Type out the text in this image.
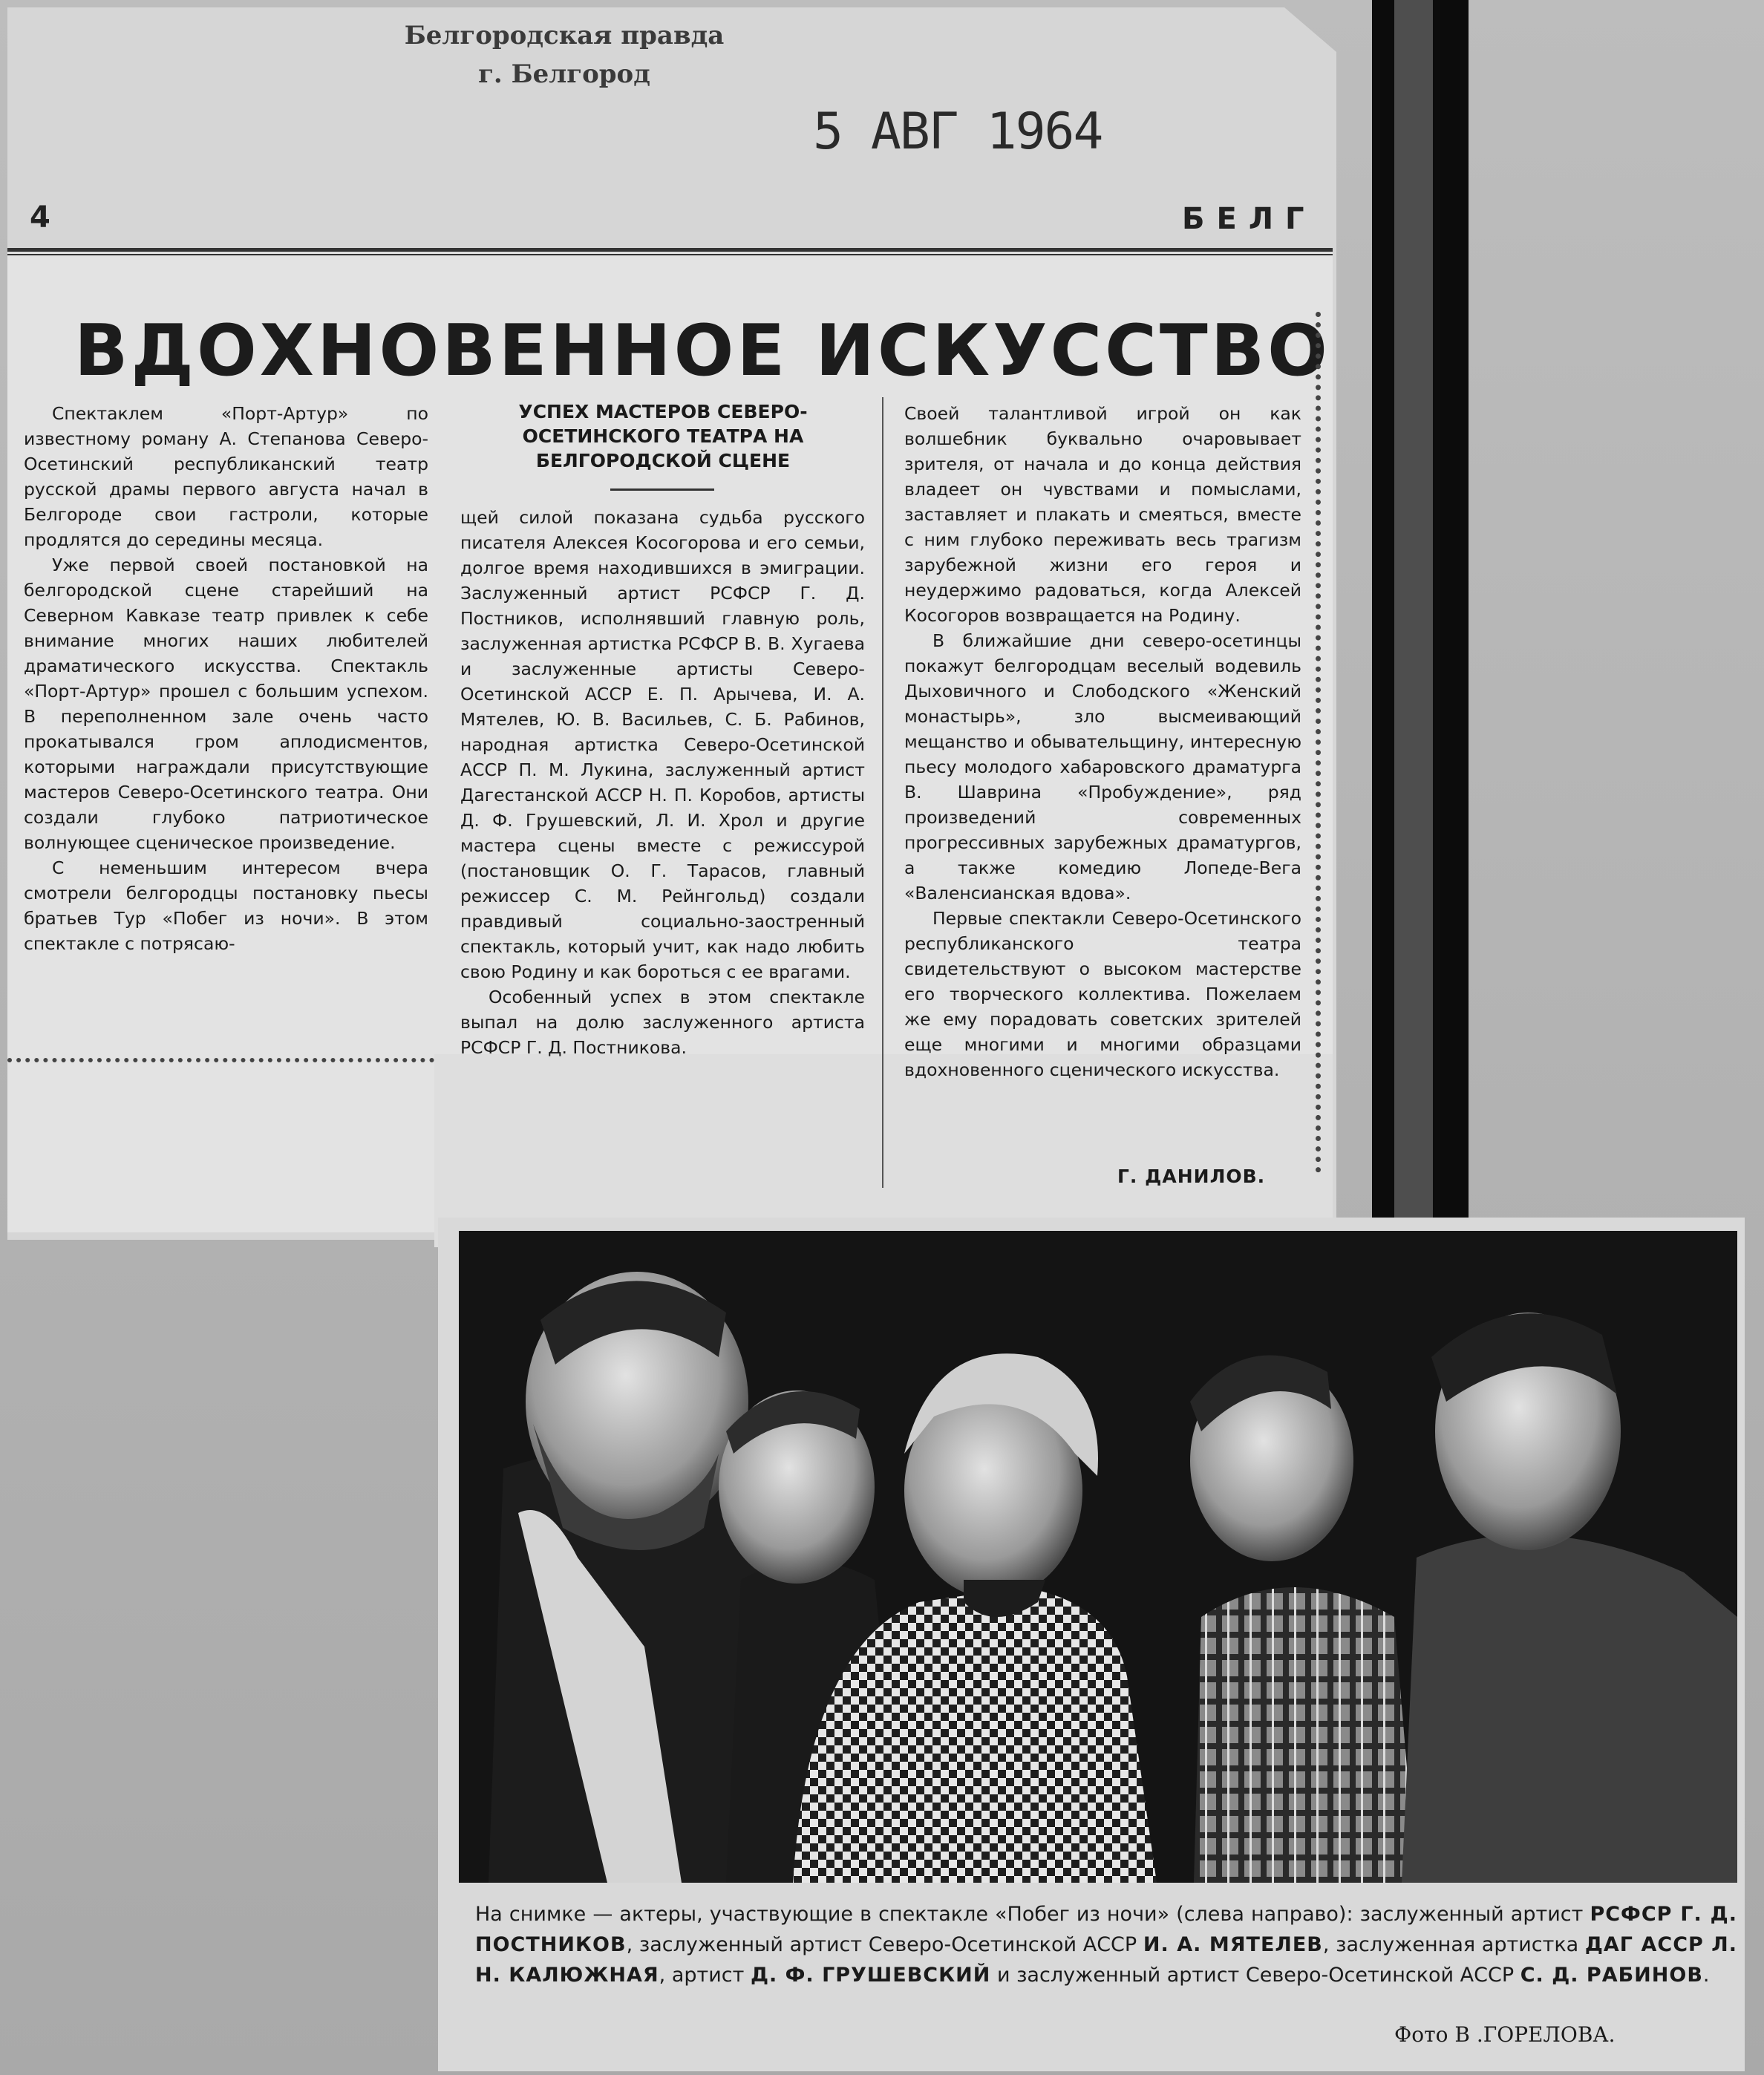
Белгородская правда
г. Белгород
5 АВГ 1964
4	БЕЛГ
ВДОХНОВЕННОЕ ИСКУССТВО

Спектаклем «Порт-Артур» по известному роману А. Степанова Северо-Осетинский республиканский театр русской драмы первого августа начал в Белгороде свои гастроли, которые продлятся до середины месяца.

Уже первой своей постановкой на белгородской сцене старейший на Северном Кавказе театр привлек к себе внимание многих наших любителей драматического искусства. Спектакль «Порт-Артур» прошел с большим успехом. В переполненном зале очень часто прокатывался гром аплодисментов, которыми награждали присутствующие мастеров Северо-Осетинского театра. Они создали глубоко патриотическое волнующее сценическое произведение.

С неменьшим интересом вчера смотрели белгородцы постановку пьесы братьев Тур «Побег из ночи». В этом спектакле с потрясаю-

УСПЕХ МАСТЕРОВ СЕВЕРО-ОСЕТИНСКОГО ТЕАТРА НА БЕЛГОРОДСКОЙ СЦЕНЕ

щей силой показана судьба русского писателя Алексея Косогорова и его семьи, долгое время находившихся в эмиграции. Заслуженный артист РСФСР Г. Д. Постников, исполнявший главную роль, заслуженная артистка РСФСР В. В. Хугаева и заслуженные артисты Северо-Осетинской АССР Е. П. Арычева, И. А. Мятелев, Ю. В. Васильев, С. Б. Рабинов, народная артистка Северо-Осетинской АССР П. М. Лукина, заслуженный артист Дагестанской АССР Н. П. Коробов, артисты Д. Ф. Грушевский, Л. И. Хрол и другие мастера сцены вместе с режиссурой (постановщик О. Г. Тарасов, главный режиссер С. М. Рейнгольд) создали правдивый социально-заостренный спектакль, который учит, как надо любить свою Родину и как бороться с ее врагами.

Особенный успех в этом спектакле выпал на долю заслуженного артиста РСФСР Г. Д. Постникова.

Своей талантливой игрой он как волшебник буквально очаровывает зрителя, от начала и до конца действия владеет он чувствами и помыслами, заставляет и плакать и смеяться, вместе с ним глубоко переживать весь трагизм зарубежной жизни его героя и неудержимо радоваться, когда Алексей Косогоров возвращается на Родину.

В ближайшие дни северо-осетинцы покажут белгородцам веселый водевиль Дыховичного и Слободского «Женский монастырь», зло высмеивающий мещанство и обывательщину, интересную пьесу молодого хабаровского драматурга В. Шаврина «Пробуждение», ряд произведений современных прогрессивных зарубежных драматургов, а также комедию Лопеде-Вега «Валенсианская вдова».

Первые спектакли Северо-Осетинского республиканского театра свидетельствуют о высоком мастерстве его творческого коллектива. Пожелаем же ему порадовать советских зрителей еще многими и многими образцами вдохновенного сценического искусства.

Г. ДАНИЛОВ.
На снимке — актеры, участвующие в спектакле «Побег из ночи» (слева направо): заслуженный артист РСФСР Г. Д. ПОСТНИКОВ, заслуженный артист Северо-Осетинской АССР И. А. МЯТЕЛЕВ, заслуженная артистка ДАГ АССР Л. Н. КАЛЮЖНАЯ, артист Д. Ф. ГРУШЕВСКИЙ и заслуженный артист Северо-Осетинской АССР С. Д. РАБИНОВ.
Фото В .ГОРЕЛОВА.
